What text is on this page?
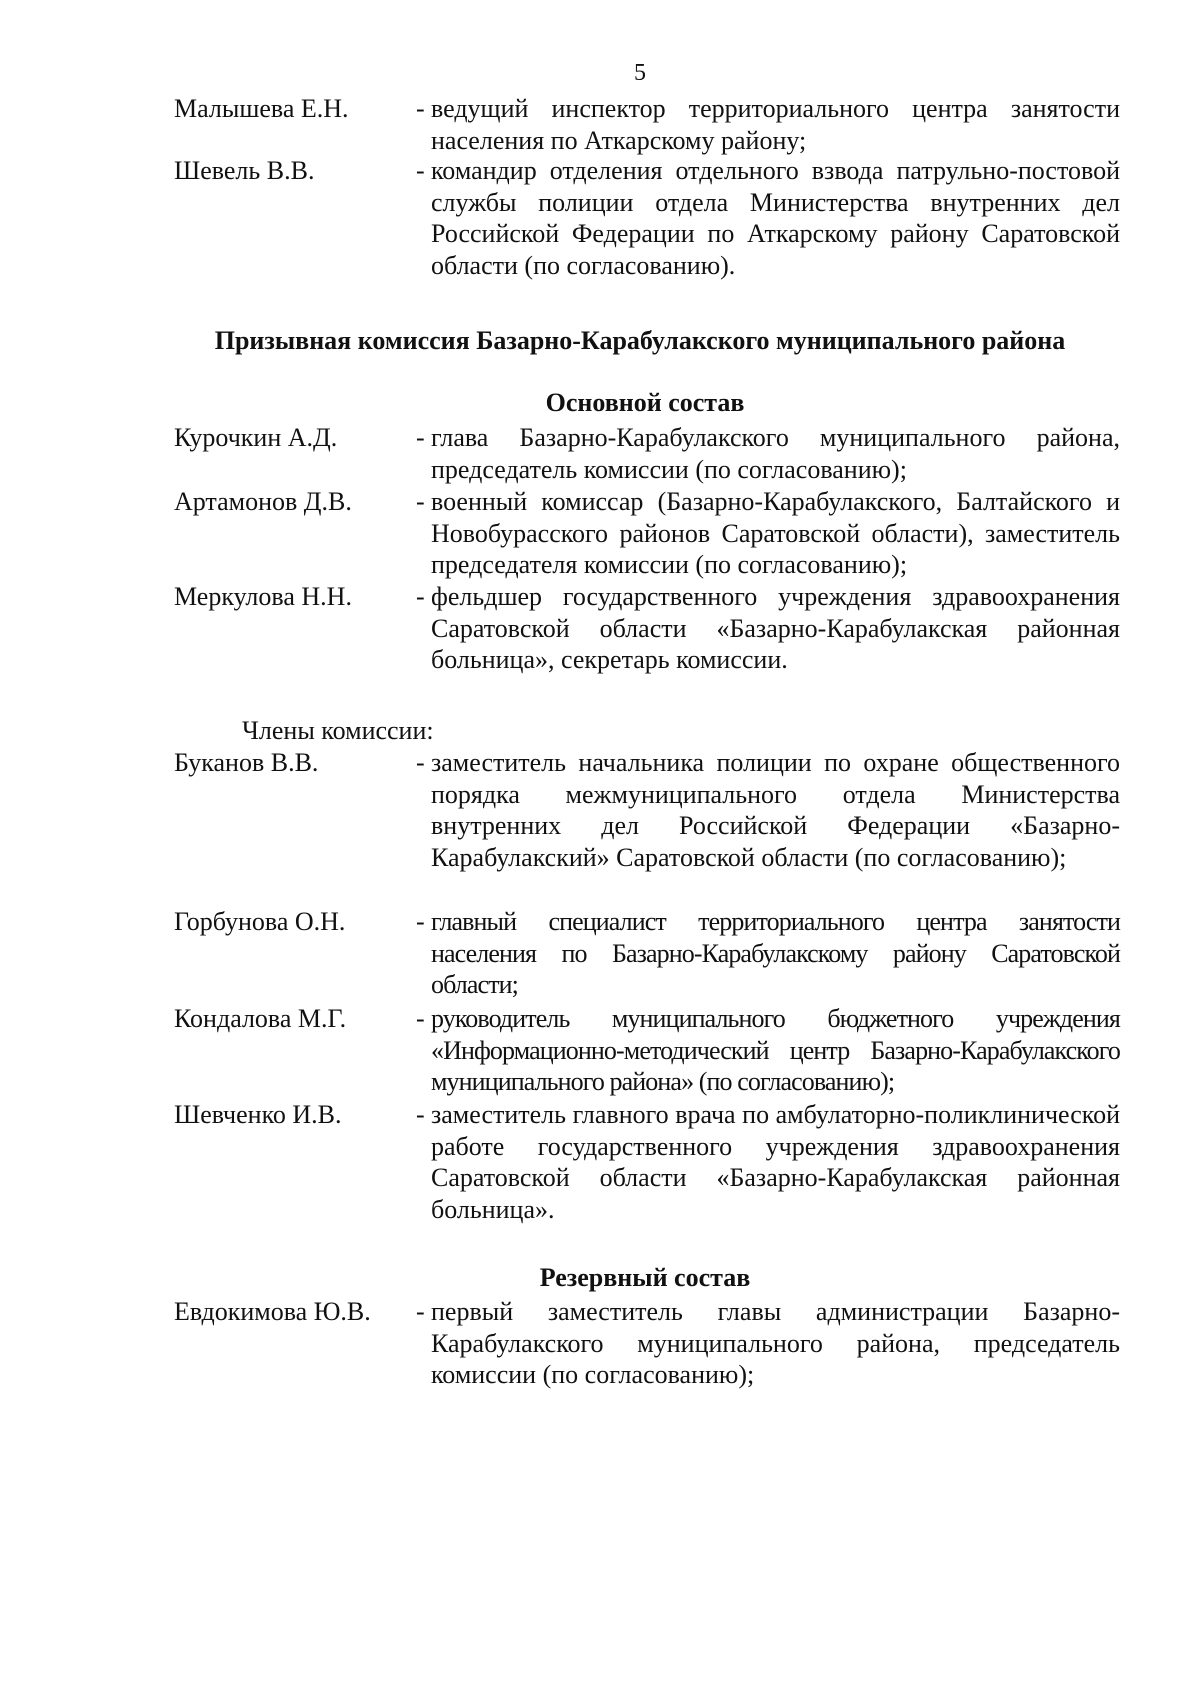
5
Малышева Е.Н.	- ведущий инспектор территориального центра занятости населения по Аткарскому району;
Шевель В.В.	- командир отделения отдельного взвода патрульно-постовой службы полиции отдела Министерства внутренних дел Российской Федерации по Аткарскому району Саратовской области (по согласованию).
Призывная комиссия Базарно-Карабулакского муниципального района
Основной состав
Курочкин А.Д.	- глава Базарно-Карабулакского муниципального района, председатель комиссии (по согласованию);
Артамонов Д.В. - военный комиссар (Базарно-Карабулакского, Балтайского и Новобурасского районов Саратовской области), заместитель председателя комиссии (по согласованию);
Меркулова Н.Н. - фельдшер государственного учреждения здравоохранения Саратовской области «Базарно-Карабулакская районная больница», секретарь комиссии.
Члены комиссии:
Буканов В.В.	- заместитель начальника полиции по охране общественного порядка межмуниципального отдела Министерства внутренних дел Российской Федерации «Базарно-Карабулакский» Саратовской области (по согласованию);
Горбунова О.Н.	- главный специалист территориального центра занятости населения по Базарно-Карабулакскому району Саратовской области;
Кондалова М.Г.	- руководитель муниципального бюджетного учреждения «Информационно-методический центр Базарно-Карабулакского муниципального района» (по согласованию);
Шевченко И.В.	- заместитель главного врача по амбулаторно-поликлинической работе государственного учреждения здравоохранения Саратовской области «Базарно-Карабулакская районная больница».
Резервный состав
Евдокимова Ю.В. - первый заместитель главы администрации Базарно-Карабулакского муниципального района, председатель комиссии (по согласованию);
